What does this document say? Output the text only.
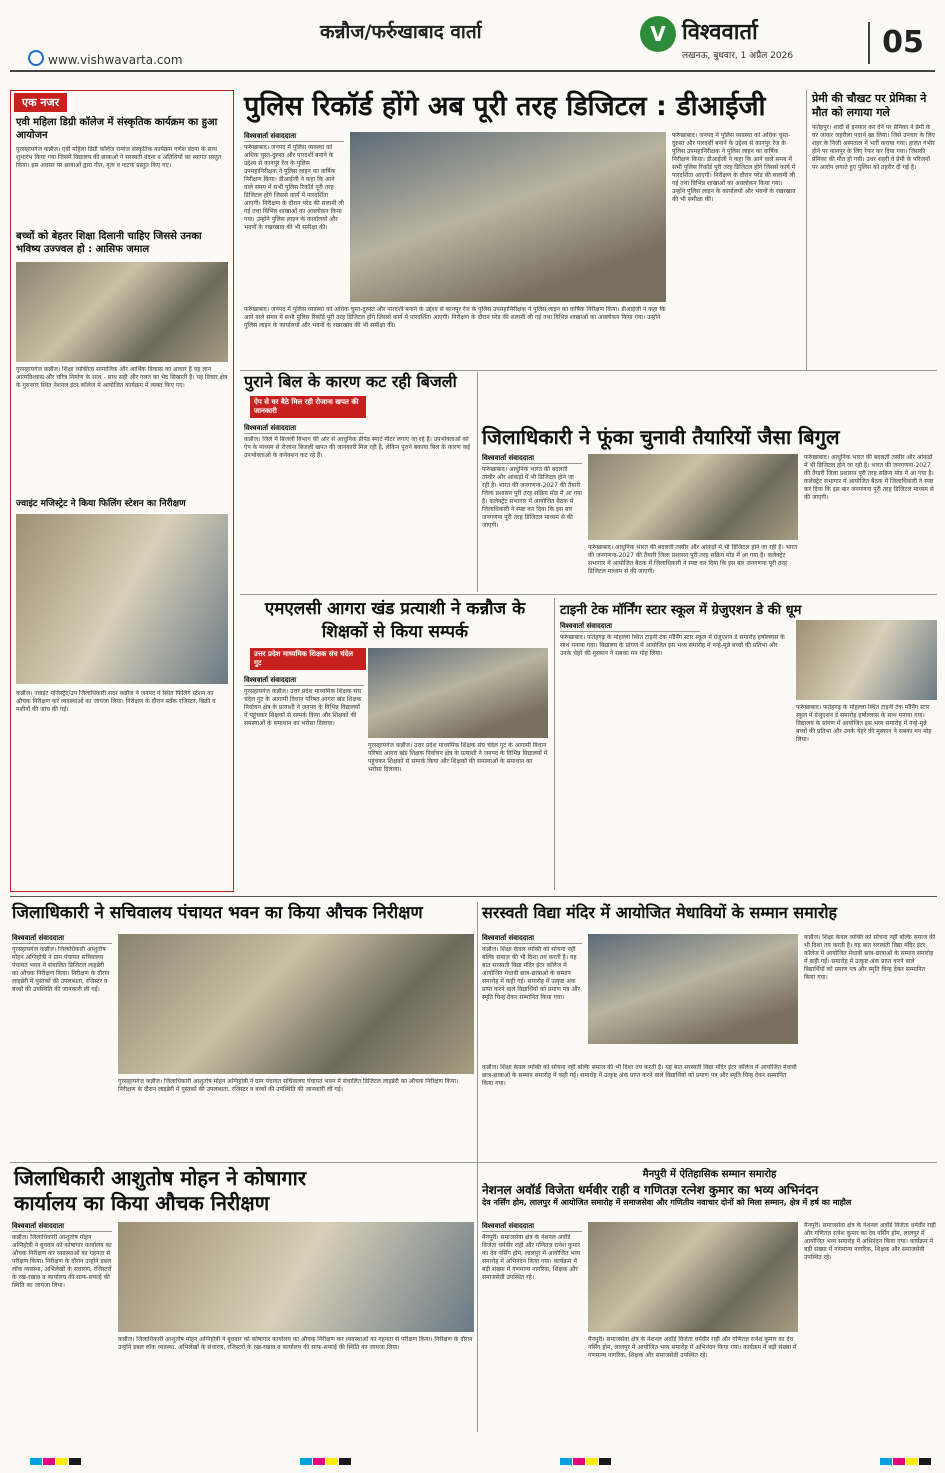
कन्नौज/फर्रुखाबाद वार्ता
www.vishwavarta.com
V विश्ववार्ता
लखनऊ, बुधवार, 1 अप्रैल 2026	05
एक नजर
एवी महिला डिग्री कॉलेज में संस्कृतिक कार्यक्रम का हुआ आयोजन
गुरसहायगंज कन्नौज। एवी महिला डिग्री कॉलेज रामांज संस्कृतिक कार्यक्रम गणेश वंदना के साथ शुभारंभ किया गया जिसमें विद्यालय की छात्राओं ने सरस्वती वंदना व अतिथियों का स्वागत प्रस्तुत किया। इस अवसर पर छात्राओं द्वारा गीत, नृत्य व नाटक प्रस्तुत किए गए।
बच्चों को बेहतर शिक्षा दिलानी चाहिए जिससे उनका भविष्य उज्ज्वल हो : आसिफ जमाल
गुरसहायगंज कन्नौज। शिक्षा व्यक्तित्व सामाजिक और आर्थिक विकास का आधार है यह ज्ञान आत्मविश्वास और चरित्र निर्माण के साथ - साथ सही और गलत का भेद सिखाती है। यह विचार क्षेत्र के गुरुनगर स्थित नेशनल इंटर कॉलेज में आयोजित कार्यक्रम में व्यक्त किए गए।
ज्वाइंट मजिस्ट्रेट ने किया फिलिंग स्टेशन का निरीक्षण
कन्नौज। ज्वाइंट मजिस्ट्रेट/उप जिलाधिकारी सदर कन्नौज ने जनपद में स्थित फिलिंग स्टेशन का औचक निरीक्षण कर व्यवस्थाओं का जायजा लिया। निरीक्षण के दौरान स्टॉक रजिस्टर, बिक्री व मशीनों की जांच की गई।
पुलिस रिकॉर्ड होंगे अब पूरी तरह डिजिटल : डीआईजी
विश्ववार्ता संवाददाता
फर्रुखाबाद। जनपद में पुलिस व्यवस्था को अधिक चुस्त-दुरुस्त और पारदर्शी बनाने के उद्देश्य से कानपुर रेंज के पुलिस उपमहानिरीक्षक ने पुलिस लाइन का वार्षिक निरीक्षण किया। डीआईजी ने कहा कि आने वाले समय में सभी पुलिस रिकॉर्ड पूरी तरह डिजिटल होंगे जिससे कार्य में पारदर्शिता आएगी। निरीक्षण के दौरान परेड की सलामी ली गई तथा विभिन्न शाखाओं का अवलोकन किया गया। उन्होंने पुलिस लाइन के कार्यालयों और भवनों के रखरखाव की भी समीक्षा की।
फर्रुखाबाद। जनपद में पुलिस व्यवस्था को अधिक चुस्त-दुरुस्त और पारदर्शी बनाने के उद्देश्य से कानपुर रेंज के पुलिस उपमहानिरीक्षक ने पुलिस लाइन का वार्षिक निरीक्षण किया। डीआईजी ने कहा कि आने वाले समय में सभी पुलिस रिकॉर्ड पूरी तरह डिजिटल होंगे जिससे कार्य में पारदर्शिता आएगी। निरीक्षण के दौरान परेड की सलामी ली गई तथा विभिन्न शाखाओं का अवलोकन किया गया। उन्होंने पुलिस लाइन के कार्यालयों और भवनों के रखरखाव की भी समीक्षा की।
फर्रुखाबाद। जनपद में पुलिस व्यवस्था को अधिक चुस्त-दुरुस्त और पारदर्शी बनाने के उद्देश्य से कानपुर रेंज के पुलिस उपमहानिरीक्षक ने पुलिस लाइन का वार्षिक निरीक्षण किया। डीआईजी ने कहा कि आने वाले समय में सभी पुलिस रिकॉर्ड पूरी तरह डिजिटल होंगे जिससे कार्य में पारदर्शिता आएगी। निरीक्षण के दौरान परेड की सलामी ली गई तथा विभिन्न शाखाओं का अवलोकन किया गया। उन्होंने पुलिस लाइन के कार्यालयों और भवनों के रखरखाव की भी समीक्षा की।
प्रेमी की चौखट पर प्रेमिका ने मौत को लगाया गले
फतेहपुर। शादी से इनकार कर देने पर प्रेमिका ने प्रेमी के घर जाकर जहरीला पदार्थ खा लिया। जिसे उपचार के लिए शहर के निजी अस्पताल में भर्ती कराया गया। हालत गंभीर होने पर कानपुर के लिए रेफर कर दिया गया। जिसकी प्रेमिका की मौत हो गयी। उधर शहरी वे प्रेमी के परिजनों पर आरोप लगाते हुए पुलिस को तहरीर दी गई है।
पुराने बिल के कारण कट रही बिजली
ऐप से घर बैठे मिल रही रोजाना खपत की जानकारी
विश्ववार्ता संवाददाता
कन्नौज। जिले में बिजली विभाग की ओर से आधुनिक प्रीपेड स्मार्ट मीटर लगाए जा रहे हैं। उपभोक्ताओं को ऐप के माध्यम से रोजाना बिजली खपत की जानकारी मिल रही है, लेकिन पुराने बकाया बिल के कारण कई उपभोक्ताओं के कनेक्शन कट रहे हैं।
जिलाधिकारी ने फूंका चुनावी तैयारियों जैसा बिगुल
विश्ववार्ता संवाददाता
फर्रुखाबाद। आधुनिक भारत की बदलती तस्वीर और आंकड़ों में भी डिजिटल होने जा रही है। भारत की जनगणना-2027 की तैयारी जिला प्रशासन पूरी तरह सक्रिय मोड में आ गया है। कलेक्ट्रेट सभागार में आयोजित बैठक में जिलाधिकारी ने स्पष्ट कर दिया कि इस बार जनगणना पूरी तरह डिजिटल माध्यम से की जाएगी।
फर्रुखाबाद। आधुनिक भारत की बदलती तस्वीर और आंकड़ों में भी डिजिटल होने जा रही है। भारत की जनगणना-2027 की तैयारी जिला प्रशासन पूरी तरह सक्रिय मोड में आ गया है। कलेक्ट्रेट सभागार में आयोजित बैठक में जिलाधिकारी ने स्पष्ट कर दिया कि इस बार जनगणना पूरी तरह डिजिटल माध्यम से की जाएगी।
फर्रुखाबाद। आधुनिक भारत की बदलती तस्वीर और आंकड़ों में भी डिजिटल होने जा रही है। भारत की जनगणना-2027 की तैयारी जिला प्रशासन पूरी तरह सक्रिय मोड में आ गया है। कलेक्ट्रेट सभागार में आयोजित बैठक में जिलाधिकारी ने स्पष्ट कर दिया कि इस बार जनगणना पूरी तरह डिजिटल माध्यम से की जाएगी।
एमएलसी आगरा खंड प्रत्याशी ने कन्नौज के शिक्षकों से किया सम्पर्क
उत्तर प्रदेश माध्यमिक शिक्षक संघ चंदेल गुट
विश्ववार्ता संवाददाता
गुरसहायगंज कन्नौज। उत्तर प्रदेश माध्यमिक शिक्षक संघ चंदेल गुट के आगामी विधान परिषद आगरा खंड शिक्षक निर्वाचन क्षेत्र के प्रत्याशी ने जनपद के विभिन्न विद्यालयों में पहुंचकर शिक्षकों से सम्पर्क किया और शिक्षकों की समस्याओं के समाधान का भरोसा दिलाया।
गुरसहायगंज कन्नौज। उत्तर प्रदेश माध्यमिक शिक्षक संघ चंदेल गुट के आगामी विधान परिषद आगरा खंड शिक्षक निर्वाचन क्षेत्र के प्रत्याशी ने जनपद के विभिन्न विद्यालयों में पहुंचकर शिक्षकों से सम्पर्क किया और शिक्षकों की समस्याओं के समाधान का भरोसा दिलाया।
टाइनी टेक मॉर्निंग स्टार स्कूल में ग्रेजुएशन डे की धूम
विश्ववार्ता संवाददाता
फर्रुखाबाद। फतेहगढ़ के मोहल्ला स्थित टाइनी टेक मॉर्निंग स्टार स्कूल में ग्रेजुएशन डे समारोह हर्षोल्लास के साथ मनाया गया। विद्यालय के प्रांगण में आयोजित इस भव्य समारोह में नन्हे-मुन्ने बच्चों की प्रतिभा और उनके चेहरे की मुस्कान ने सबका मन मोह लिया।
फर्रुखाबाद। फतेहगढ़ के मोहल्ला स्थित टाइनी टेक मॉर्निंग स्टार स्कूल में ग्रेजुएशन डे समारोह हर्षोल्लास के साथ मनाया गया। विद्यालय के प्रांगण में आयोजित इस भव्य समारोह में नन्हे-मुन्ने बच्चों की प्रतिभा और उनके चेहरे की मुस्कान ने सबका मन मोह लिया।
जिलाधिकारी ने सचिवालय पंचायत भवन का किया औचक निरीक्षण
विश्ववार्ता संवाददाता
गुरसहायगंज कन्नौज। जिलाधिकारी आशुतोष मोहन अग्निहोत्री ने ग्राम पंचायत सचिवालय पंचायत भवन में संचालित डिजिटल लाइब्रेरी का औचक निरीक्षण किया। निरीक्षण के दौरान लाइब्रेरी में पुस्तकों की उपलब्धता, रजिस्टर व बच्चों की उपस्थिति की जानकारी ली गई।
गुरसहायगंज कन्नौज। जिलाधिकारी आशुतोष मोहन अग्निहोत्री ने ग्राम पंचायत सचिवालय पंचायत भवन में संचालित डिजिटल लाइब्रेरी का औचक निरीक्षण किया। निरीक्षण के दौरान लाइब्रेरी में पुस्तकों की उपलब्धता, रजिस्टर व बच्चों की उपस्थिति की जानकारी ली गई।
सरस्वती विद्या मंदिर में आयोजित मेधावियों के सम्मान समारोह
विश्ववार्ता संवाददाता
कन्नौज। शिक्षा केवल व्यक्ति को सोचना नहीं बल्कि समाज की भी दिशा तय करती है। यह बात सरस्वती विद्या मंदिर इंटर कॉलेज में आयोजित मेधावी छात्र-छात्राओं के सम्मान समारोह में कही गई। समारोह में उत्कृष्ट अंक प्राप्त करने वाले विद्यार्थियों को प्रमाण पत्र और स्मृति चिन्ह देकर सम्मानित किया गया।
कन्नौज। शिक्षा केवल व्यक्ति को सोचना नहीं बल्कि समाज की भी दिशा तय करती है। यह बात सरस्वती विद्या मंदिर इंटर कॉलेज में आयोजित मेधावी छात्र-छात्राओं के सम्मान समारोह में कही गई। समारोह में उत्कृष्ट अंक प्राप्त करने वाले विद्यार्थियों को प्रमाण पत्र और स्मृति चिन्ह देकर सम्मानित किया गया।
कन्नौज। शिक्षा केवल व्यक्ति को सोचना नहीं बल्कि समाज की भी दिशा तय करती है। यह बात सरस्वती विद्या मंदिर इंटर कॉलेज में आयोजित मेधावी छात्र-छात्राओं के सम्मान समारोह में कही गई। समारोह में उत्कृष्ट अंक प्राप्त करने वाले विद्यार्थियों को प्रमाण पत्र और स्मृति चिन्ह देकर सम्मानित किया गया।
जिलाधिकारी आशुतोष मोहन ने कोषागार कार्यालय का किया औचक निरीक्षण
विश्ववार्ता संवाददाता
कन्नौज। जिलाधिकारी आशुतोष मोहन अग्निहोत्री ने बुधवार को कोषागार कार्यालय का औचक निरीक्षण कर व्यवस्थाओं का गहनता से परीक्षण किया। निरीक्षण के दौरान उन्होंने डबल लॉक व्यवस्था, अभिलेखों के संधारण, रजिस्टरों के रख-रखाव व कार्यालय की साफ-सफाई की स्थिति का जायजा लिया।
कन्नौज। जिलाधिकारी आशुतोष मोहन अग्निहोत्री ने बुधवार को कोषागार कार्यालय का औचक निरीक्षण कर व्यवस्थाओं का गहनता से परीक्षण किया। निरीक्षण के दौरान उन्होंने डबल लॉक व्यवस्था, अभिलेखों के संधारण, रजिस्टरों के रख-रखाव व कार्यालय की साफ-सफाई की स्थिति का जायजा लिया।
मैनपुरी में ऐतिहासिक सम्मान समारोह
नेशनल अवॉर्ड विजेता धर्मवीर राही व गणितज्ञ रत्नेश कुमार का भव्य अभिनंदन
देव नर्सिंग होम, लालपुर में आयोजित समारोह में समाजसेवा और गणितीय नवाचार दोनों को मिला सम्मान, क्षेत्र में हर्ष का माहौल
विश्ववार्ता संवाददाता
मैनपुरी। समाजसेवा क्षेत्र के नेशनल अवॉर्ड विजेता धर्मवीर राही और गणितज्ञ रत्नेश कुमार का देव नर्सिंग होम, लालपुर में आयोजित भव्य समारोह में अभिनंदन किया गया। कार्यक्रम में बड़ी संख्या में गणमान्य नागरिक, शिक्षक और समाजसेवी उपस्थित रहे।
मैनपुरी। समाजसेवा क्षेत्र के नेशनल अवॉर्ड विजेता धर्मवीर राही और गणितज्ञ रत्नेश कुमार का देव नर्सिंग होम, लालपुर में आयोजित भव्य समारोह में अभिनंदन किया गया। कार्यक्रम में बड़ी संख्या में गणमान्य नागरिक, शिक्षक और समाजसेवी उपस्थित रहे।
मैनपुरी। समाजसेवा क्षेत्र के नेशनल अवॉर्ड विजेता धर्मवीर राही और गणितज्ञ रत्नेश कुमार का देव नर्सिंग होम, लालपुर में आयोजित भव्य समारोह में अभिनंदन किया गया। कार्यक्रम में बड़ी संख्या में गणमान्य नागरिक, शिक्षक और समाजसेवी उपस्थित रहे।
